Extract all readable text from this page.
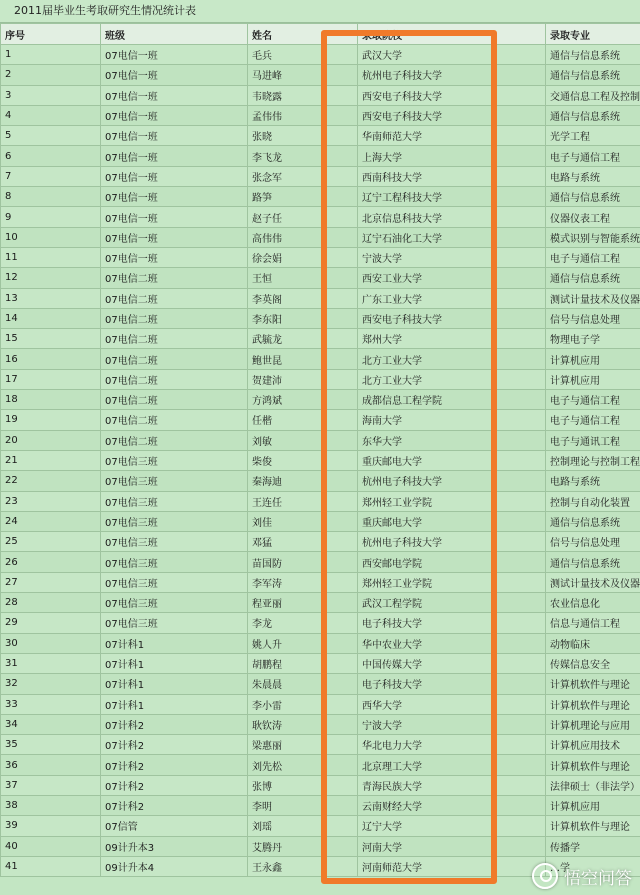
2011届毕业生考取研究生情况统计表
序号	班级	姓名	录取院校	录取专业
1	07电信一班	毛兵	武汉大学	通信与信息系统
2	07电信一班	马进峰	杭州电子科技大学	通信与信息系统
3	07电信一班	韦晓露	西安电子科技大学	交通信息工程及控制
4	07电信一班	孟伟伟	西安电子科技大学	通信与信息系统
5	07电信一班	张晓	华南师范大学	光学工程
6	07电信一班	李飞龙	上海大学	电子与通信工程
7	07电信一班	张念军	西南科技大学	电路与系统
8	07电信一班	路笋	辽宁工程科技大学	通信与信息系统
9	07电信一班	赵子任	北京信息科技大学	仪器仪表工程
10	07电信一班	高伟伟	辽宁石油化工大学	模式识别与智能系统
11	07电信一班	徐会娟	宁波大学	电子与通信工程
12	07电信二班	王恒	西安工业大学	通信与信息系统
13	07电信二班	李英阁	广东工业大学	测试计量技术及仪器
14	07电信二班	李东阳	西安电子科技大学	信号与信息处理
15	07电信二班	武毓龙	郑州大学	物理电子学
16	07电信二班	鲍世昆	北方工业大学	计算机应用
17	07电信二班	贺建沛	北方工业大学	计算机应用
18	07电信二班	方鸿斌	成都信息工程学院	电子与通信工程
19	07电信二班	任楷	海南大学	电子与通信工程
20	07电信二班	刘敏	东华大学	电子与通讯工程
21	07电信三班	柴俊	重庆邮电大学	控制理论与控制工程
22	07电信三班	秦海迪	杭州电子科技大学	电路与系统
23	07电信三班	王连任	郑州轻工业学院	控制与自动化装置
24	07电信三班	刘佳	重庆邮电大学	通信与信息系统
25	07电信三班	邓猛	杭州电子科技大学	信号与信息处理
26	07电信三班	苗国防	西安邮电学院	通信与信息系统
27	07电信三班	李军涛	郑州轻工业学院	测试计量技术及仪器
28	07电信三班	程亚丽	武汉工程学院	农业信息化
29	07电信三班	李龙	电子科技大学	信息与通信工程
30	07计科1	姚人升	华中农业大学	动物临床
31	07计科1	胡鹏程	中国传媒大学	传媒信息安全
32	07计科1	朱晨晨	电子科技大学	计算机软件与理论
33	07计科1	李小雷	西华大学	计算机软件与理论
34	07计科2	耿钦涛	宁波大学	计算机理论与应用
35	07计科2	梁惠丽	华北电力大学	计算机应用技术
36	07计科2	刘先松	北京理工大学	计算机软件与理论
37	07计科2	张博	青海民族大学	法律硕士（非法学）
38	07计科2	李明	云南财经大学	计算机应用
39	07信管	刘瑶	辽宁大学	计算机软件与理论
40	09计升本3	艾腾丹	河南大学	传播学
41	09计升本4	王永鑫	河南师范大学	…学
悟空问答
